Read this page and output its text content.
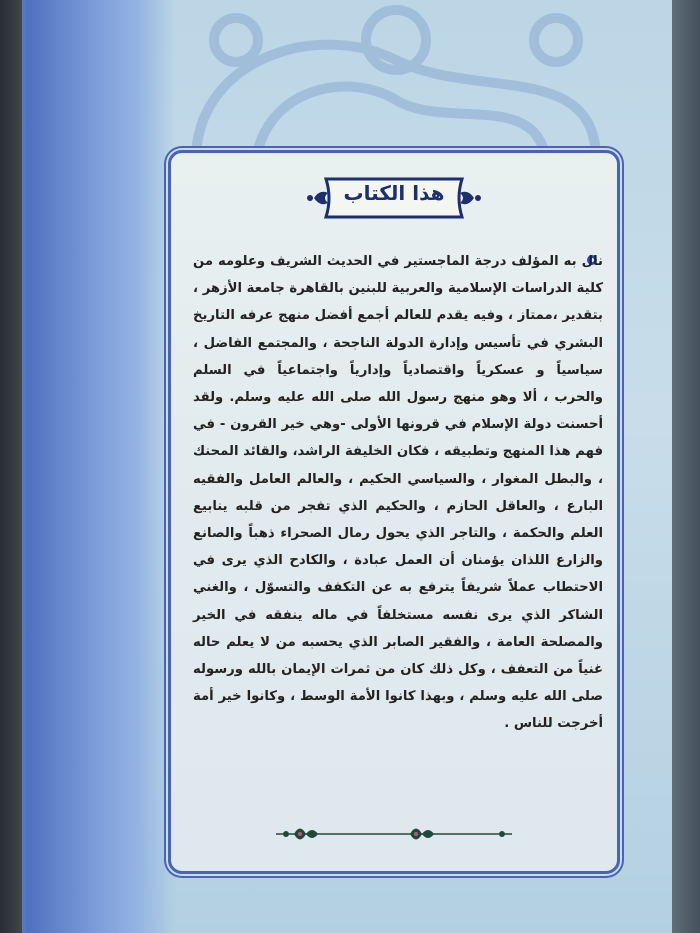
هذا الكتاب
نال به المؤلف درجة الماجستير في الحديث الشريف وعلومه من كلية الدراسات الإسلامية والعربية للبنين بالقاهرة جامعة الأزهر ، بتقدير ،ممتاز ، وفيه يقدم للعالم أجمع أفضل منهج عرفه التاريخ البشري في تأسيس وإدارة الدولة الناجحة ، والمجتمع الفاضل ، سياسياً و عسكرياً واقتصادياً وإدارياً واجتماعياً في السلم والحرب ، ألا وهو منهج رسول الله صلى الله عليه وسلم. ولقد أحسنت دولة الإسلام في قرونها الأولى -وهي خير القرون - في فهم هذا المنهج وتطبيقه ، فكان الخليفة الراشد، والقائد المحنك ، والبطل المغوار ، والسياسي الحكيم ، والعالم العامل والفقيه البارع ، والعاقل الحازم ، والحكيم الذي تفجر من قلبه ينابيع العلم والحكمة ، والتاجر الذي يحول رمال الصحراء ذهباً والصانع والزارع اللذان يؤمنان أن العمل عبادة ، والكادح الذي يرى في الاحتطاب عملاً شريفاً يترفع به عن التكفف والتسوّل ، والغني الشاكر الذي يرى نفسه مستخلفاً في ماله ينفقه في الخير والمصلحة العامة ، والفقير الصابر الذي يحسبه من لا يعلم حاله غنياً من التعفف ، وكل ذلك كان من ثمرات الإيمان بالله ورسوله صلى الله عليه وسلم ، وبهذا كانوا الأمة الوسط ، وكانوا خير أمة أخرجت للناس .
